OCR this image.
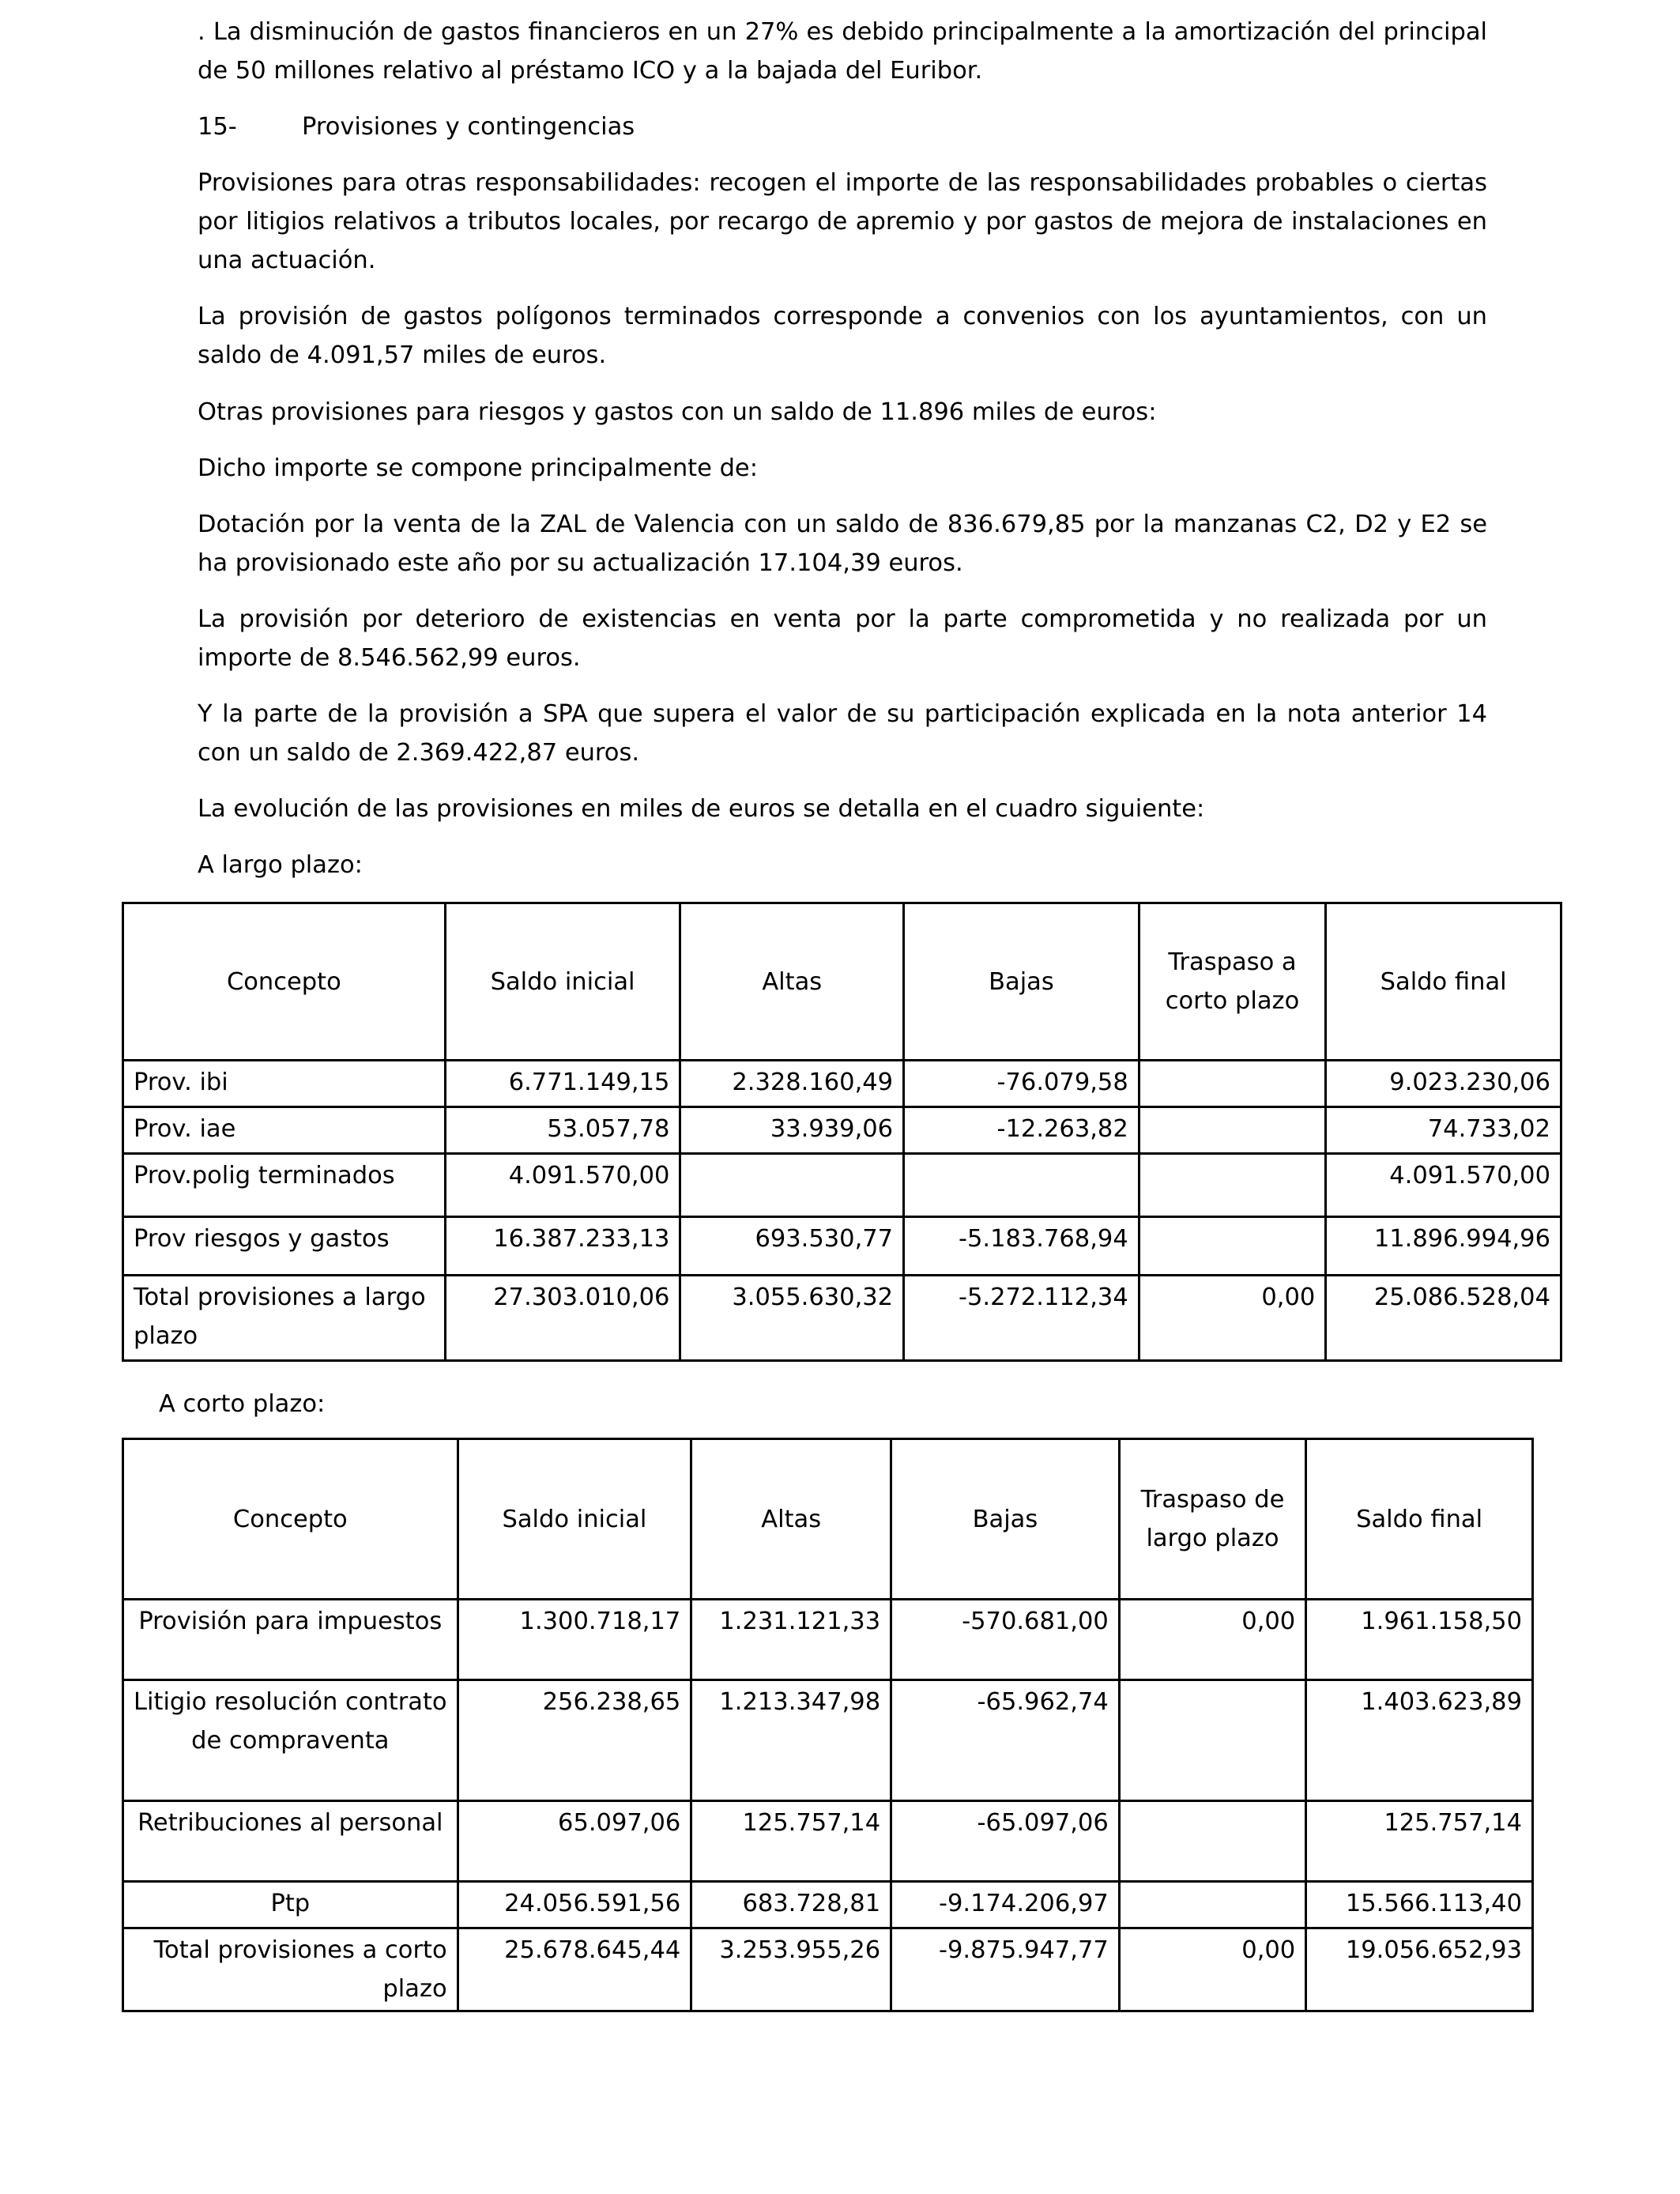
. La disminución de gastos financieros en un 27% es debido principalmente a la amortización del principal de 50 millones relativo al préstamo ICO y a la bajada del Euribor.

15-	Provisiones y contingencias

Provisiones para otras responsabilidades: recogen el importe de las responsabilidades probables o ciertas por litigios relativos a tributos locales, por recargo de apremio y por gastos de mejora de instalaciones en una actuación.

La provisión de gastos polígonos terminados corresponde a convenios con los ayuntamientos, con un saldo de 4.091,57 miles de euros.

Otras provisiones para riesgos y gastos con un saldo de 11.896 miles de euros:

Dicho importe se compone principalmente de:

Dotación por la venta de la ZAL de Valencia con un saldo de 836.679,85 por la manzanas C2, D2 y E2 se ha provisionado este año por su actualización 17.104,39 euros.

La provisión por deterioro de existencias en venta por la parte comprometida y no realizada por un importe de 8.546.562,99 euros.

Y la parte de la provisión a SPA que supera el valor de su participación explicada en la nota anterior 14 con un saldo de 2.369.422,87 euros.

La evolución de las provisiones en miles de euros se detalla en el cuadro siguiente:

A largo plazo:

Concepto	Saldo inicial	Altas	Bajas	Traspaso a corto plazo	Saldo final
Prov. ibi	6.771.149,15	2.328.160,49	-76.079,58		9.023.230,06
Prov. iae	53.057,78	33.939,06	-12.263,82		74.733,02
Prov.polig terminados	4.091.570,00				4.091.570,00
Prov riesgos y gastos	16.387.233,13	693.530,77	-5.183.768,94		11.896.994,96
Total provisiones a largo plazo	27.303.010,06	3.055.630,32	-5.272.112,34	0,00	25.086.528,04

A corto plazo:

Concepto	Saldo inicial	Altas	Bajas	Traspaso de largo plazo	Saldo final
Provisión para impuestos	1.300.718,17	1.231.121,33	-570.681,00	0,00	1.961.158,50
Litigio resolución contrato de compraventa	256.238,65	1.213.347,98	-65.962,74		1.403.623,89
Retribuciones al personal	65.097,06	125.757,14	-65.097,06		125.757,14
Ptp	24.056.591,56	683.728,81	-9.174.206,97		15.566.113,40
Total provisiones a corto plazo	25.678.645,44	3.253.955,26	-9.875.947,77	0,00	19.056.652,93
